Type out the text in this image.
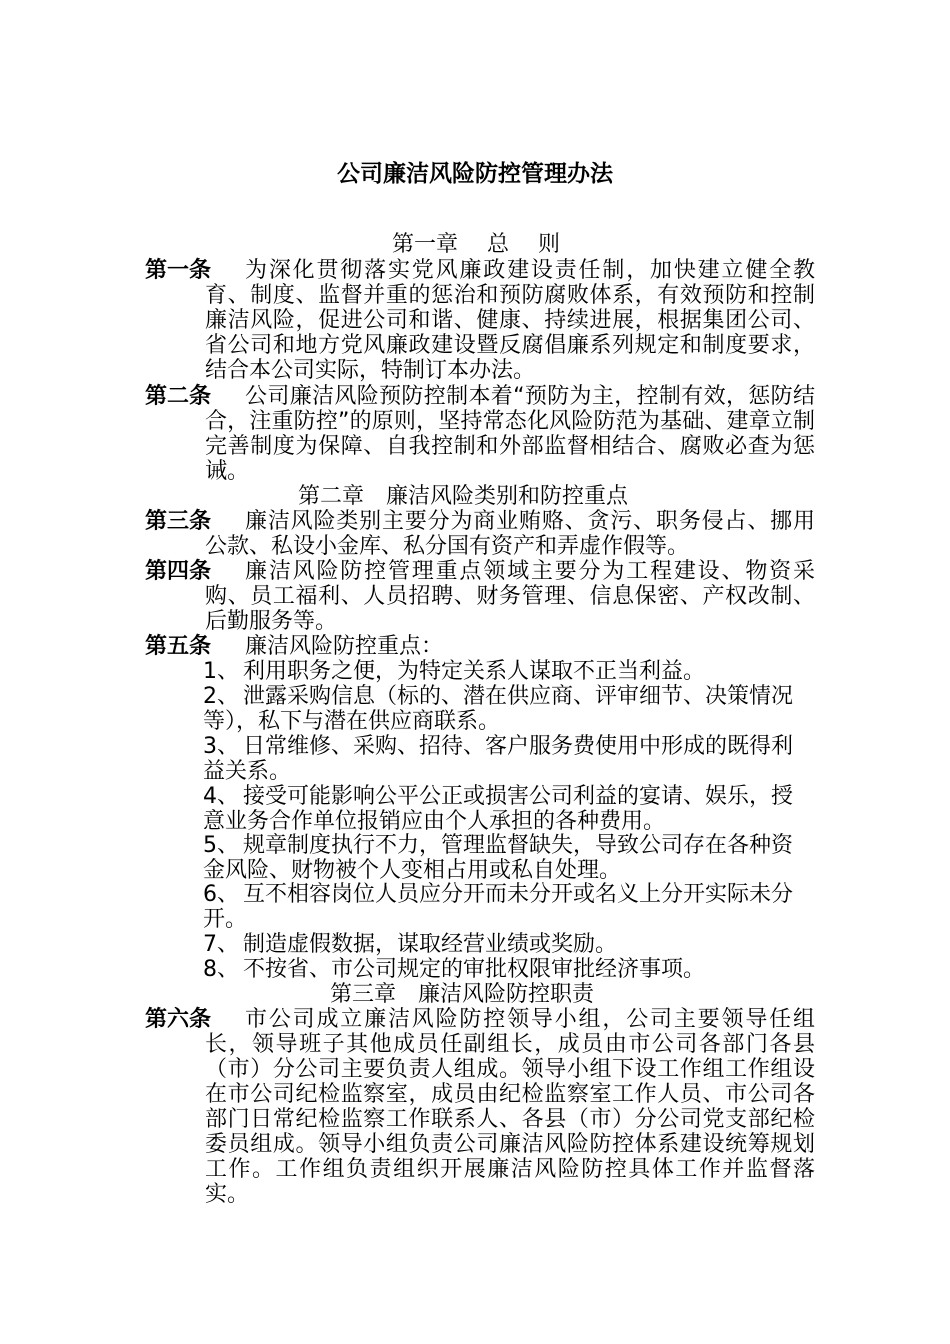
公司廉洁风险防控管理办法
第一章　 总　 则
第一条	为深化贯彻落实党风廉政建设责任制，加快建立健全教育、制度、监督并重的惩治和预防腐败体系，有效预防和控制廉洁风险，促进公司和谐、健康、持续进展，根据集团公司、省公司和地方党风廉政建设暨反腐倡廉系列规定和制度要求，结合本公司实际，特制订本办法。
第二条	公司廉洁风险预防控制本着“预防为主，控制有效，惩防结合，注重防控”的原则，坚持常态化风险防范为基础、建章立制完善制度为保障、自我控制和外部监督相结合、腐败必查为惩诫。
第二章　廉洁风险类别和防控重点
第三条	廉洁风险类别主要分为商业贿赂、贪污、职务侵占、挪用公款、私设小金库、私分国有资产和弄虚作假等。
第四条	廉洁风险防控管理重点领域主要分为工程建设、物资采购、员工福利、人员招聘、财务管理、信息保密、产权改制、后勤服务等。
第五条	廉洁风险防控重点：
1、 利用职务之便，为特定关系人谋取不正当利益。
2、 泄露采购信息（标的、潜在供应商、评审细节、决策情况等），私下与潜在供应商联系。
3、 日常维修、采购、招待、客户服务费使用中形成的既得利益关系。
4、 接受可能影响公平公正或损害公司利益的宴请、娱乐，授意业务合作单位报销应由个人承担的各种费用。
5、 规章制度执行不力，管理监督缺失，导致公司存在各种资金风险、财物被个人变相占用或私自处理。
6、 互不相容岗位人员应分开而未分开或名义上分开实际未分开。
7、 制造虚假数据，谋取经营业绩或奖励。
8、 不按省、市公司规定的审批权限审批经济事项。
第三章　廉洁风险防控职责
第六条	市公司成立廉洁风险防控领导小组，公司主要领导任组长，领导班子其他成员任副组长，成员由市公司各部门各县（市）分公司主要负责人组成。领导小组下设工作组工作组设在市公司纪检监察室，成员由纪检监察室工作人员、市公司各部门日常纪检监察工作联系人、各县（市）分公司党支部纪检委员组成。领导小组负责公司廉洁风险防控体系建设统筹规划工作。工作组负责组织开展廉洁风险防控具体工作并监督落实。
